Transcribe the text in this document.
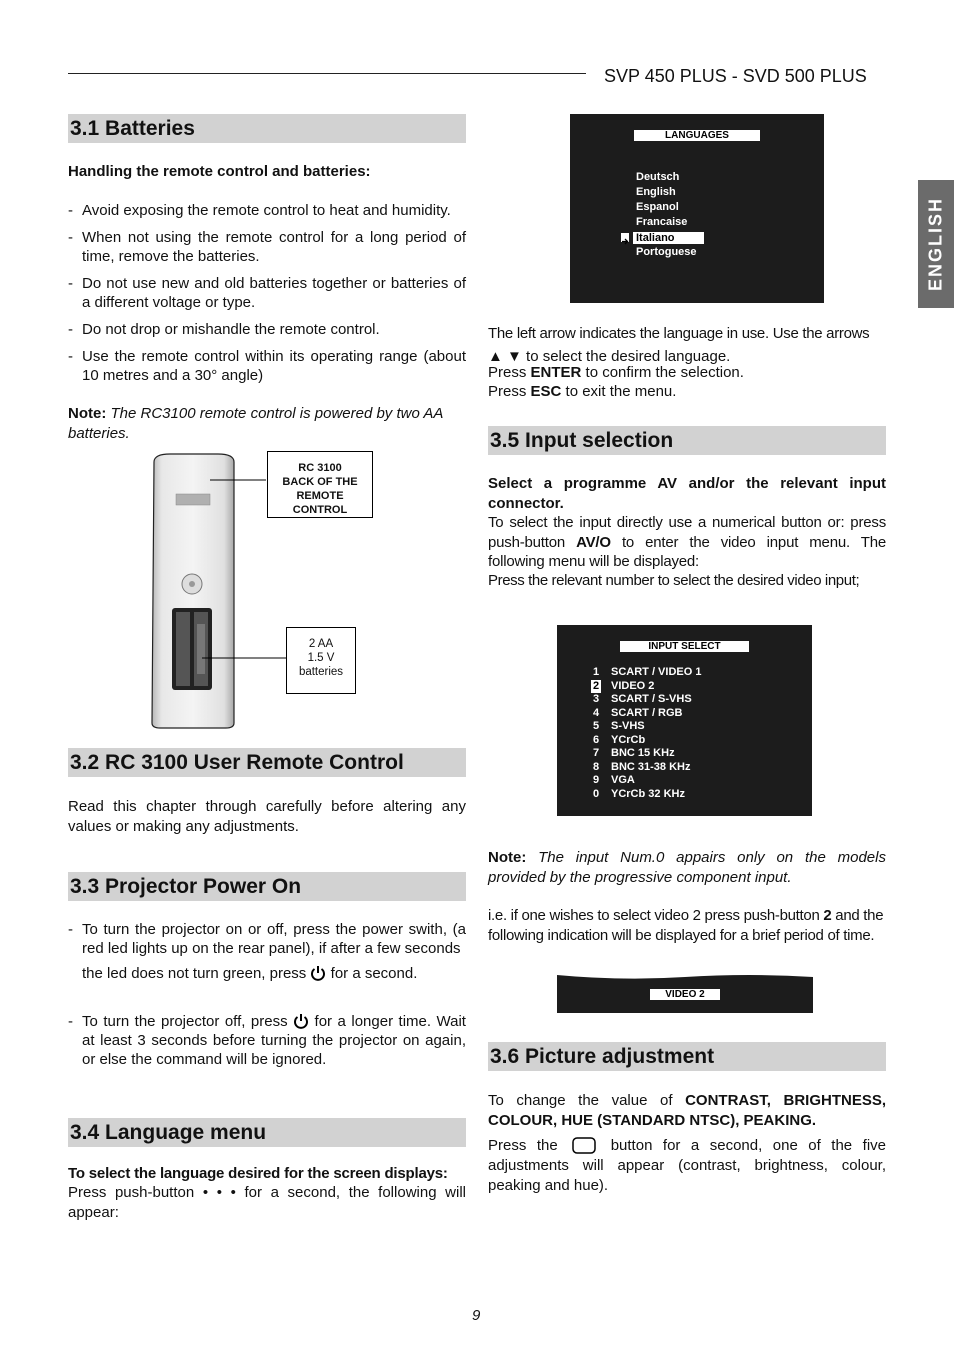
SVP 450 PLUS - SVD 500 PLUS
ENGLISH
3.1 Batteries
Handling the remote control and batteries:
- Avoid exposing the remote control to heat and humidity.
- When not using the remote control for a long period of time, remove the batteries.
- Do not use new and old batteries together or batteries of a different voltage or type.
- Do not drop or mishandle the remote control.
- Use the remote control within its operating range (about 10 metres and a 30° angle)
Note: The RC3100 remote control is powered by two AA batteries.
RC 3100
BACK OF THE
REMOTE CONTROL
2 AA
1.5 V
batteries
3.2 RC 3100 User Remote Control
Read this chapter through carefully before altering any values or making any adjustments.
3.3 Projector Power On
- To turn the projector on or off, press the power swith, (a red led lights up on the rear panel), if after a few seconds
the led does not turn green, press for a second.
- To turn the projector off, press for a longer time. Wait at least 3 seconds before turning the projector on again, or else the command will be ignored.
3.4 Language menu
To select the language desired for the screen displays:
Press push-button • • • for a second, the following will appear:
LANGUAGES
Deutsch
English
Espanol
Francaise
Italiano
Portoguese
The left arrow indicates the language in use. Use the arrows
▲ ▼ to select the desired language.
Press ENTER to confirm the selection.
Press ESC to exit the menu.
3.5 Input selection
Select a programme AV and/or the relevant input connector.
To select the input directly use a numerical button or: press push-button AV/O to enter the video input menu. The following menu will be displayed:
Press the relevant number to select the desired video input;
INPUT SELECT
1 SCART / VIDEO 1
2 VIDEO 2
3 SCART / S-VHS
4 SCART / RGB
5 S-VHS
6 YCrCb
7 BNC 15 KHz
8 BNC 31-38 KHz
9 VGA
0 YCrCb 32 KHz
Note: The input Num.0 appairs only on the models provided by the progressive component input.
i.e. if one wishes to select video 2 press push-button 2 and the following indication will be displayed for a brief period of time.
VIDEO 2
3.6 Picture adjustment
To change the value of CONTRAST, BRIGHTNESS, COLOUR, HUE (STANDARD NTSC), PEAKING.
Press the	button for a second, one of the five adjustments will appear (contrast, brightness, colour, peaking and hue).
9
